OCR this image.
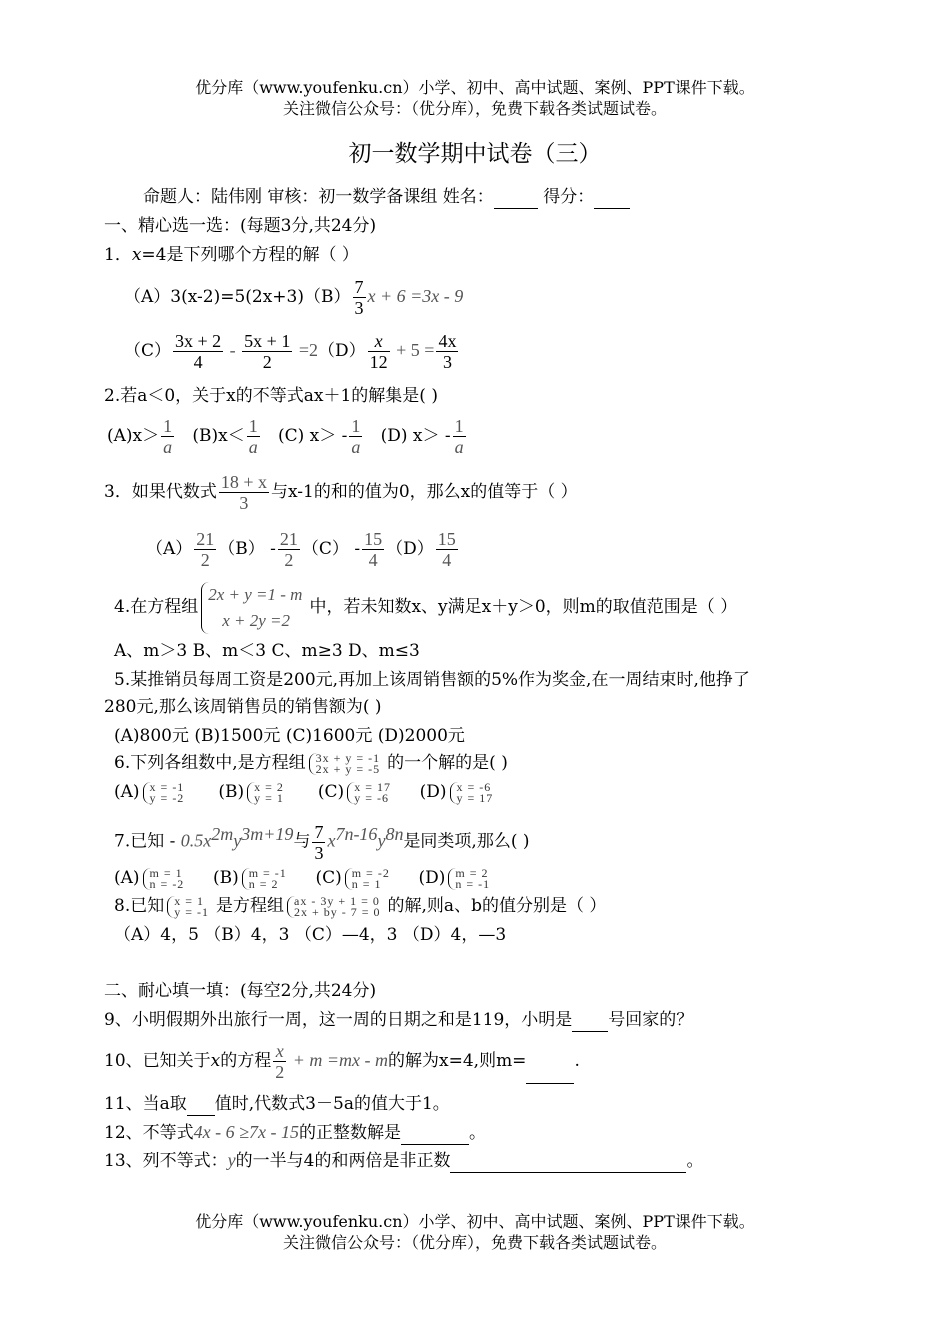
优分库（www.youfenku.cn）小学、初中、高中试题、案例、PPT课件下载。
关注微信公众号：（优分库），免费下载各类试题试卷。
初一数学期中试卷（三）
命题人：陆伟刚 审核：初一数学备课组 姓名：	得分：
一、精心选一选：(每题3分,共24分)
1．x=4是下列哪个方程的解（ ）
$(A)3(x-2)=5(2x+3)(B) \frac{7}{3}$ x + 6 =3x - 9
$(C) \frac{3x + 2}{4} - \frac{5x + 1}{2} =2(D) \frac{x}{12} + 5 = \frac{4x}{3}$
2.若a＜0，关于x的不等式ax＋1的解集是( )
$(A)x> \frac{1}{a} (B)x< \frac{1}{a} (C)$ $x> - \frac{1}{a} (D)$ $x> - \frac{1}{a}$
3．如果代数式 $\frac{18 + x}{3}$ 与x-1的和的值为0，那么x的值等于（ ）
$(A) \frac{21}{2} (B) - \frac{21}{2} (C) - \frac{15}{4} (D) \frac{15}{4}$
4.在方程组
2x + y =1 - m
x + 2y =2
中，若未知数x、y满足x＋y＞0，则m的取值范围是（ ）
A、m＞3 B、m＜3 C、m≥3 D、m≤3
5.某推销员每周工资是200元,再加上该周销售额的5%作为奖金,在一周结束时,他挣了
280元,那么该周销售员的销售额为( )
(A)800元 (B)1500元 (C)1600元 (D)2000元
6.下列各组数中,是方程组 3x + y = -1
2x + y = -5 的一个解的是( )
(A) x = -1
y = -2 (B) x = 2
y = 1 (C) x = 17
y = -6 (D) x = -6
y = 17
7.已知 - $0.5x^{2m}y^{3m+19}$与 $\frac{7}{3} x^{7n-16}y^{8n}$是同类项,那么( )
(A) m = 1
n = -2 (B) m = -1
n = 2	(C) m = -2
n = 1	(D) m = 2
n = -1
8.已知 x = 1
y = -1 是方程组 ax - 3y + 1 = 0
2x + by - 7 = 0 的解,则a、b的值分别是（ ）
（A）4，5 （B）4，3 （C）—4，3 （D）4，—3
二、耐心填一填：(每空2分,共24分)
9、小明假期外出旅行一周，这一周的日期之和是119，小明是 号回家的？
10、已知关于x的方程 $\frac{x}{2} + m =mx - m$的解为x=4,则m=	.
11、当a取 值时,代数式3－5a的值大于1。
12、不等式4x - 6 ≥7x - 15的正整数解是	。
13、列不等式：y的一半与4的和两倍是非正数	。
优分库（www.youfenku.cn）小学、初中、高中试题、案例、PPT课件下载。
关注微信公众号：（优分库），免费下载各类试题试卷。
